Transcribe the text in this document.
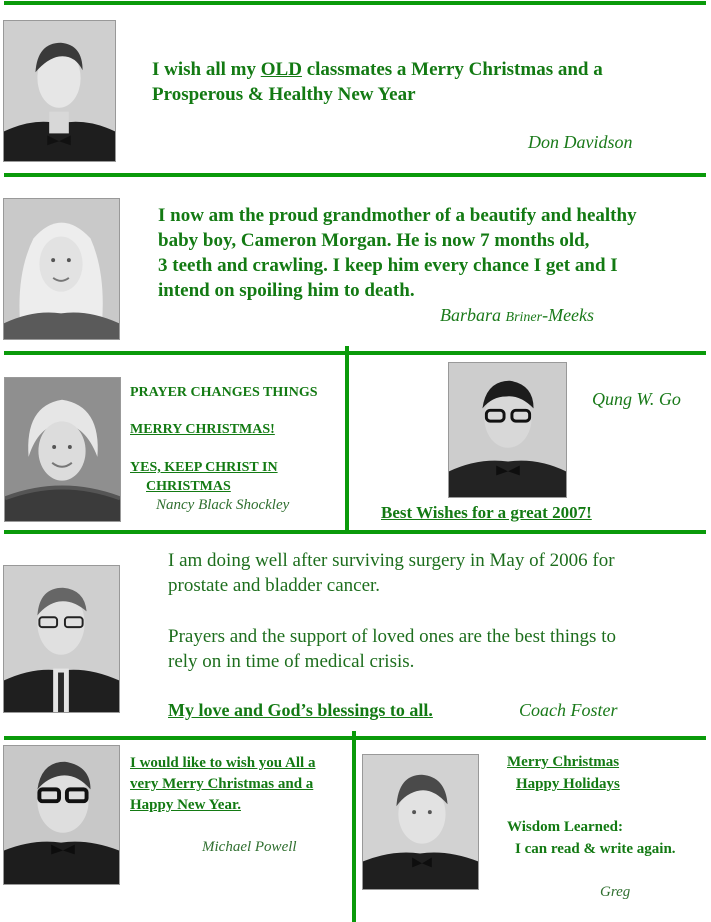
I wish all my OLD classmates a Merry Christmas and a
Prosperous & Healthy New Year

Don Davidson

I now am the proud grandmother of a beautify and healthy
baby boy, Cameron Morgan. He is now 7 months old,
3 teeth and crawling. I keep him every chance I get and I
intend on spoiling him to death.

Barbara Briner-Meeks

PRAYER CHANGES THINGS

MERRY CHRISTMAS!

YES, KEEP CHRIST IN

CHRISTMAS

Nancy Black Shockley

Qung W. Go

Best Wishes for a great 2007!

I am doing well after surviving surgery in May of 2006 for
prostate and bladder cancer.

Prayers and the support of loved ones are the best things to
rely on in time of medical crisis.

My love and God’s blessings to all.	Coach Foster

I would like to wish you All a
very Merry Christmas and a
Happy New Year.

Michael Powell

Merry Christmas

Happy Holidays

Wisdom Learned:

I can read & write again.

Greg
